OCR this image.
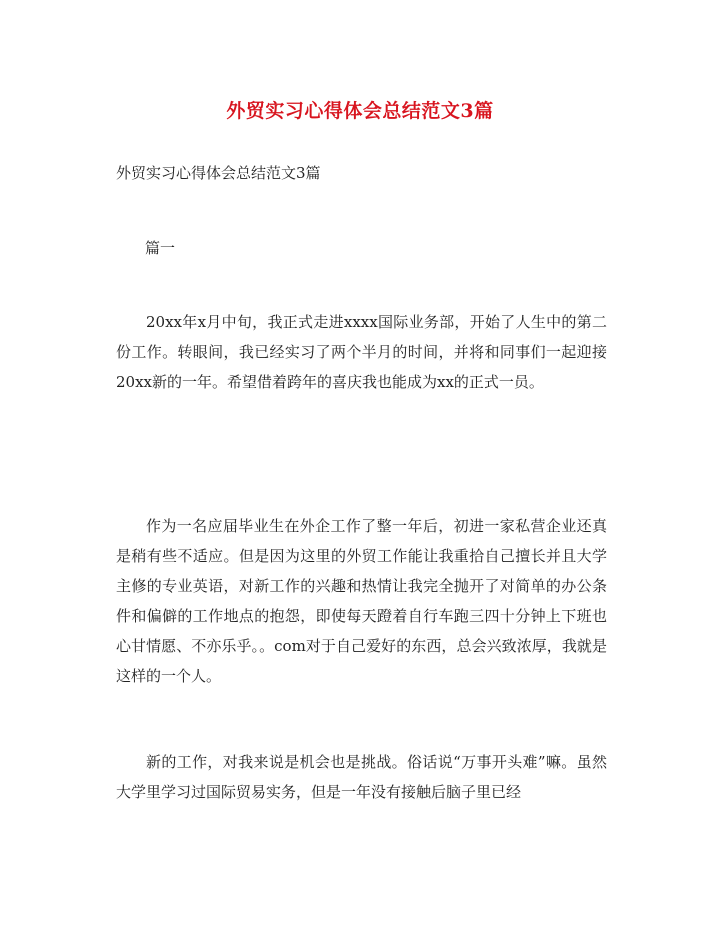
外贸实习心得体会总结范文3篇
外贸实习心得体会总结范文3篇
篇一

20xx年x月中旬，我正式走进xxxx国际业务部，开始了人生中的第二份工作。转眼间，我已经实习了两个半月的时间，并将和同事们一起迎接20xx新的一年。希望借着跨年的喜庆我也能成为xx的正式一员。

作为一名应届毕业生在外企工作了整一年后，初进一家私营企业还真是稍有些不适应。但是因为这里的外贸工作能让我重拾自己擅长并且大学主修的专业英语，对新工作的兴趣和热情让我完全抛开了对简单的办公条件和偏僻的工作地点的抱怨，即使每天蹬着自行车跑三四十分钟上下班也心甘情愿、不亦乐乎。。com对于自己爱好的东西，总会兴致浓厚，我就是这样的一个人。

新的工作，对我来说是机会也是挑战。俗话说“万事开头难”嘛。虽然大学里学习过国际贸易实务，但是一年没有接触后脑子里已经
